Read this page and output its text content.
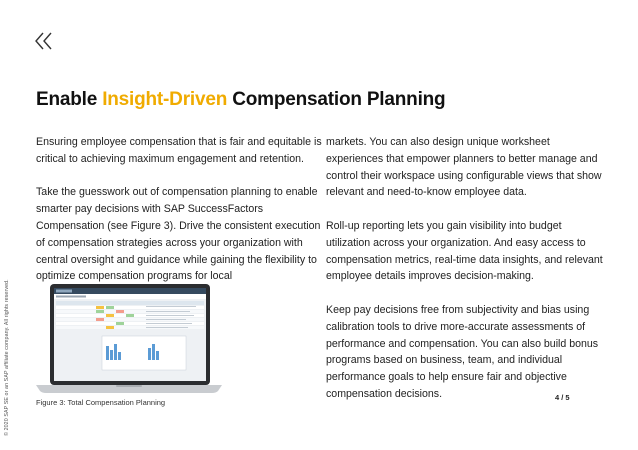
© 2020 SAP SE or an SAP affiliate company. All rights reserved.
Enable Insight-Driven Compensation Planning

Ensuring employee compensation that is fair and equitable is critical to achieving maximum engagement and retention.

Take the guesswork out of compensation planning to enable smarter pay decisions with SAP SuccessFactors Compensation (see Figure 3). Drive the consistent execution of compensation strategies across your organization with central oversight and guidance while gaining the flexibility to optimize compensation programs for local

markets. You can also design unique worksheet experiences that empower planners to better manage and control their workspace using configurable views that show relevant and need-to-know employee data.

Roll-up reporting lets you gain visibility into budget utilization across your organization. And easy access to compensation metrics, real-time data insights, and relevant employee details improves decision-making.

Keep pay decisions free from subjectivity and bias using calibration tools to drive more-accurate assessments of performance and compensation. You can also build bonus programs based on business, team, and individual performance goals to help ensure fair and objective compensation decisions.

Figure 3: Total Compensation Planning
4 / 5
